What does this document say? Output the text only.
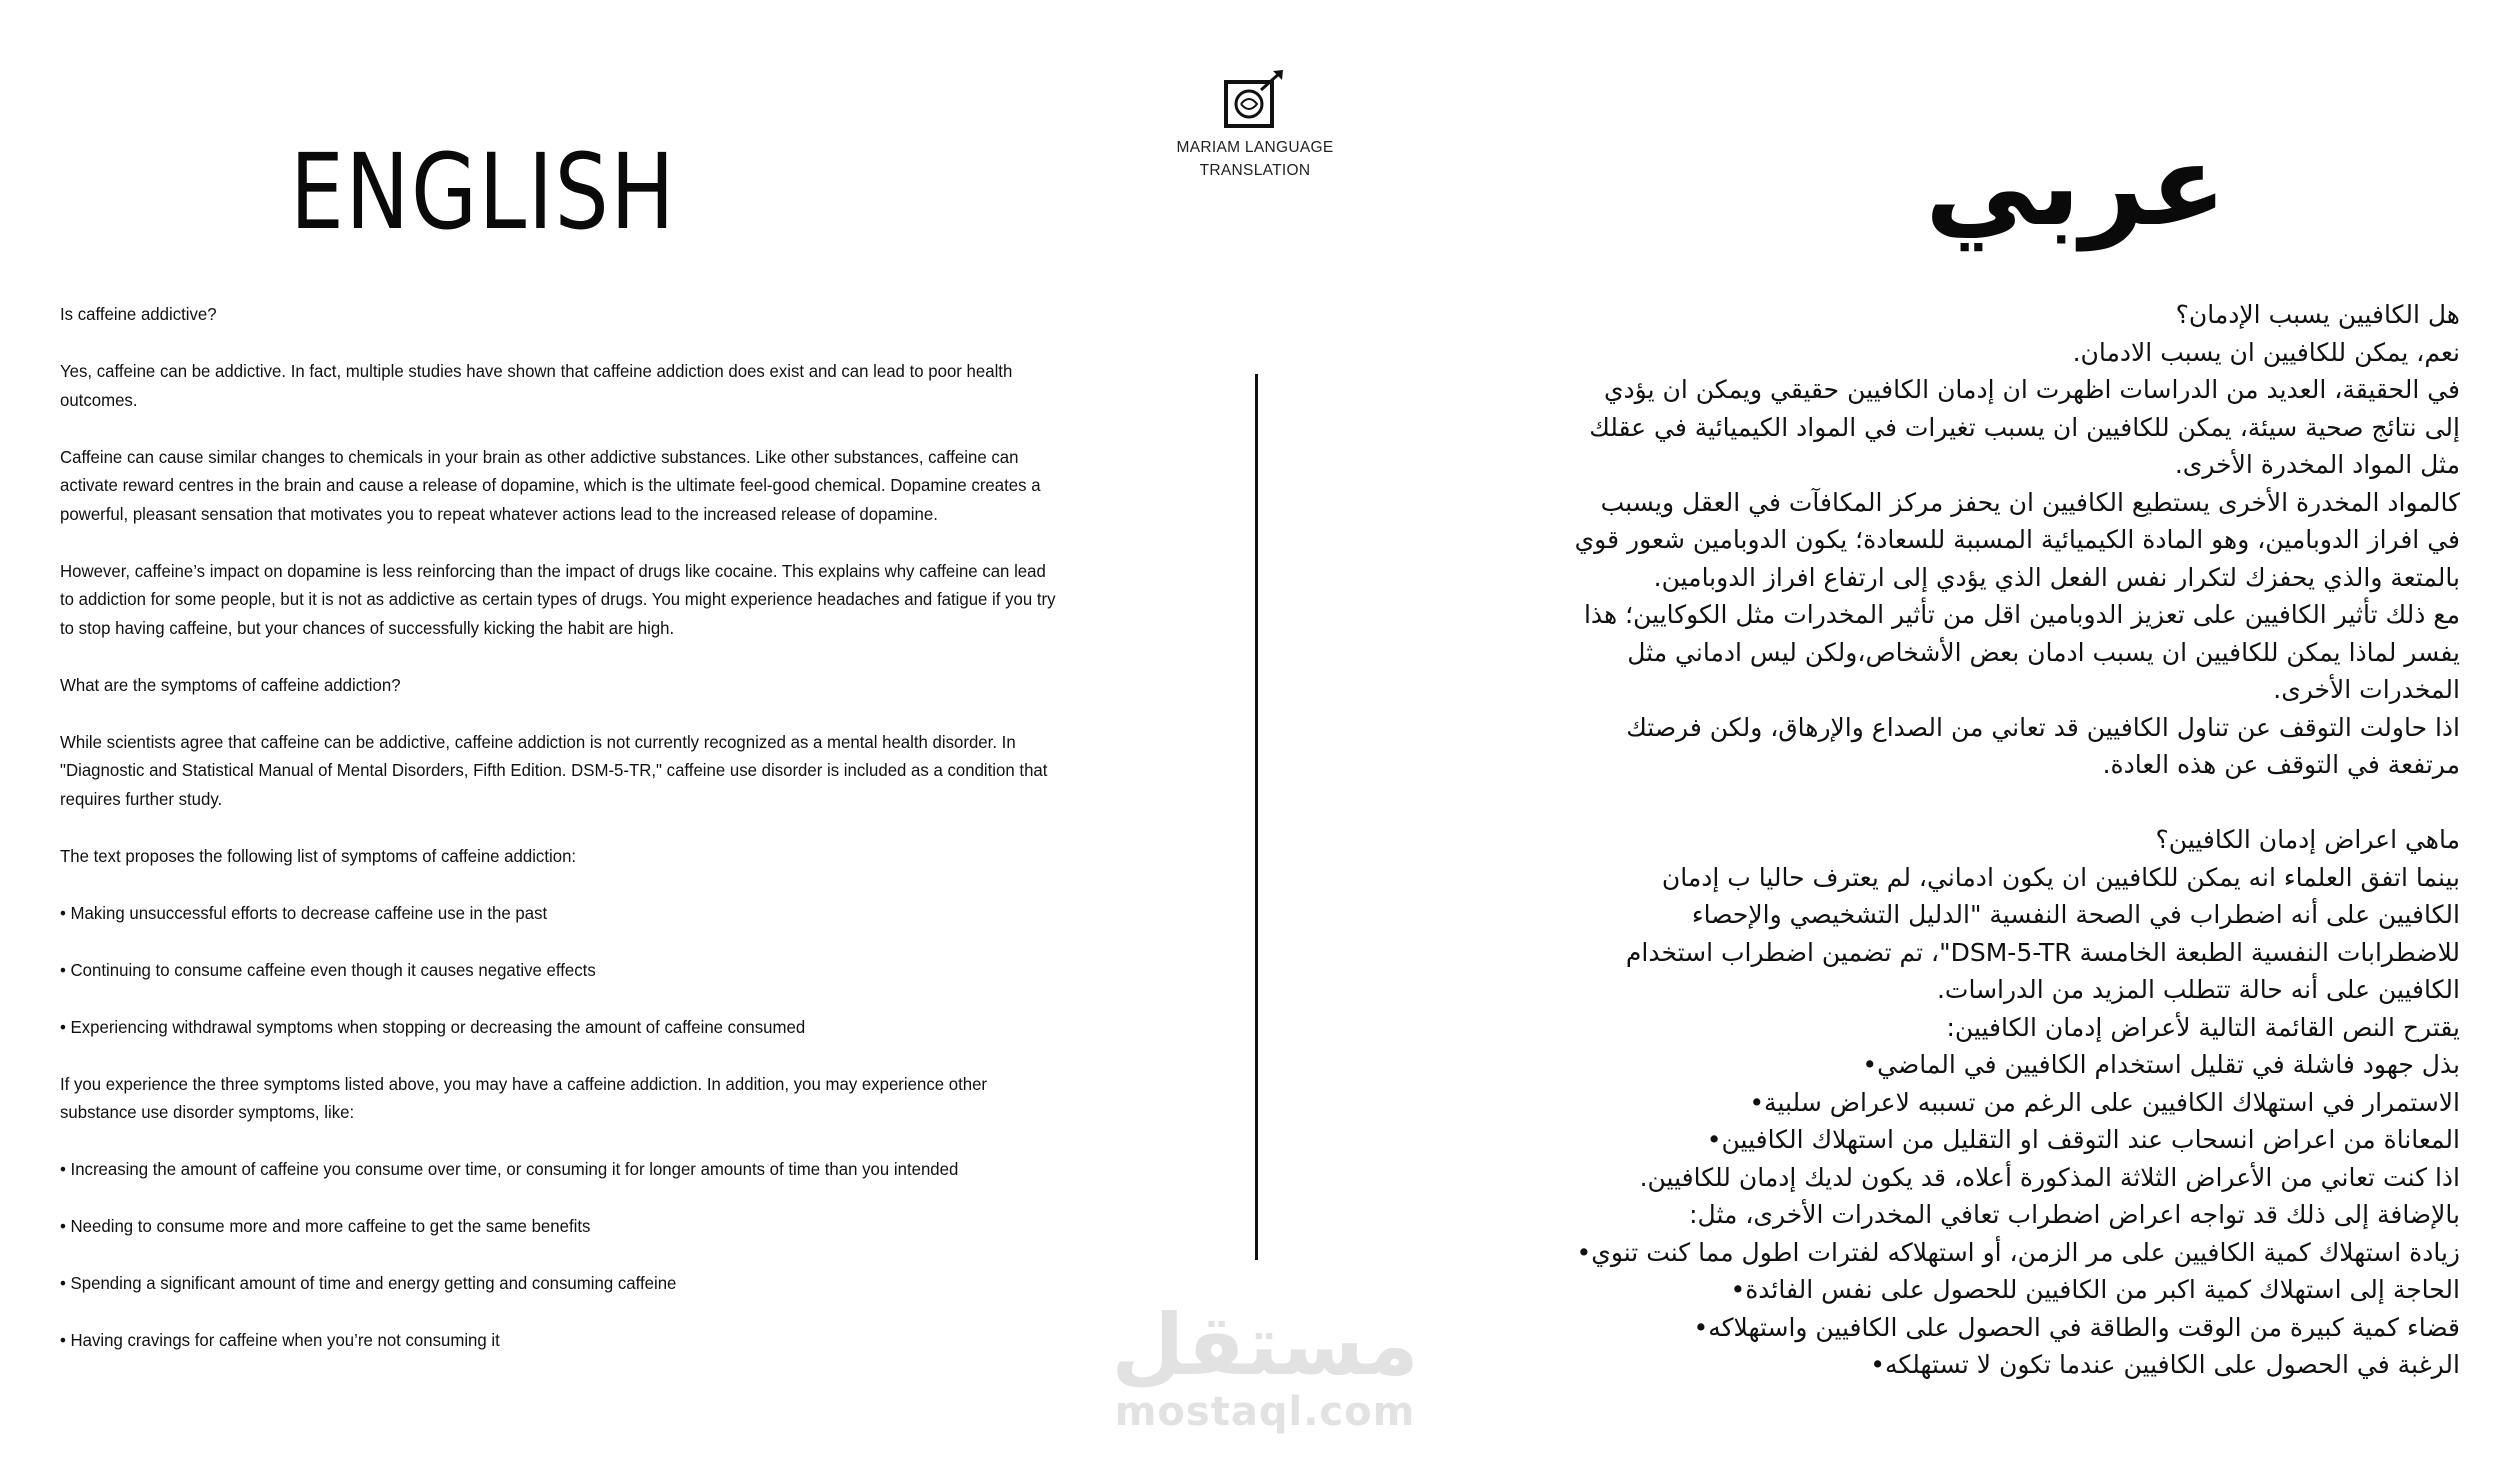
ENGLISH	MARIAM LANGUAGE
TRANSLATION	عربي

Is caffeine addictive?

Yes, caffeine can be addictive. In fact, multiple studies have shown that caffeine addiction does exist and can lead to poor health outcomes.

Caffeine can cause similar changes to chemicals in your brain as other addictive substances. Like other substances, caffeine can activate reward centres in the brain and cause a release of dopamine, which is the ultimate feel-good chemical. Dopamine creates a powerful, pleasant sensation that motivates you to repeat whatever actions lead to the increased release of dopamine.

However, caffeine’s impact on dopamine is less reinforcing than the impact of drugs like cocaine. This explains why caffeine can lead to addiction for some people, but it is not as addictive as certain types of drugs. You might experience headaches and fatigue if you try to stop having caffeine, but your chances of successfully kicking the habit are high.

What are the symptoms of caffeine addiction?

While scientists agree that caffeine can be addictive, caffeine addiction is not currently recognized as a mental health disorder. In "Diagnostic and Statistical Manual of Mental Disorders, Fifth Edition. DSM-5-TR," caffeine use disorder is included as a condition that requires further study.

The text proposes the following list of symptoms of caffeine addiction:

• Making unsuccessful efforts to decrease caffeine use in the past

• Continuing to consume caffeine even though it causes negative effects

• Experiencing withdrawal symptoms when stopping or decreasing the amount of caffeine consumed

If you experience the three symptoms listed above, you may have a caffeine addiction. In addition, you may experience other substance use disorder symptoms, like:

• Increasing the amount of caffeine you consume over time, or consuming it for longer amounts of time than you intended

• Needing to consume more and more caffeine to get the same benefits

• Spending a significant amount of time and energy getting and consuming caffeine

• Having cravings for caffeine when you’re not consuming it

هل الكافيين يسبب الإدمان؟
نعم، يمكن للكافيين ان يسبب الادمان.
في الحقيقة، العديد من الدراسات اظهرت ان إدمان الكافيين حقيقي ويمكن ان يؤدي
إلى نتائج صحية سيئة، يمكن للكافيين ان يسبب تغيرات في المواد الكيميائية في عقلك
مثل المواد المخدرة الأخرى.
كالمواد المخدرة الأخرى يستطيع الكافيين ان يحفز مركز المكافآت في العقل ويسبب
في افراز الدوبامين، وهو المادة الكيميائية المسببة للسعادة؛ يكون الدوبامين شعور قوي
بالمتعة والذي يحفزك لتكرار نفس الفعل الذي يؤدي إلى ارتفاع افراز الدوبامين.
مع ذلك تأثير الكافيين على تعزيز الدوبامين اقل من تأثير المخدرات مثل الكوكايين؛ هذا
يفسر لماذا يمكن للكافيين ان يسبب ادمان بعض الأشخاص،ولكن ليس ادماني مثل
المخدرات الأخرى.
اذا حاولت التوقف عن تناول الكافيين قد تعاني من الصداع والإرهاق، ولكن فرصتك
مرتفعة في التوقف عن هذه العادة.
ماهي اعراض إدمان الكافيين؟
بينما اتفق العلماء انه يمكن للكافيين ان يكون ادماني، لم يعترف حاليا ب إدمان
الكافيين على أنه اضطراب في الصحة النفسية "الدليل التشخيصي والإحصاء
للاضطرابات النفسية الطبعة الخامسة DSM-5-TR"، تم تضمين اضطراب استخدام
الكافيين على أنه حالة تتطلب المزيد من الدراسات.
يقترح النص القائمة التالية لأعراض إدمان الكافيين:
بذل جهود فاشلة في تقليل استخدام الكافيين في الماضي•
الاستمرار في استهلاك الكافيين على الرغم من تسببه لاعراض سلبية•
المعاناة من اعراض انسحاب عند التوقف او التقليل من استهلاك الكافيين•
اذا كنت تعاني من الأعراض الثلاثة المذكورة أعلاه، قد يكون لديك إدمان للكافيين.
بالإضافة إلى ذلك قد تواجه اعراض اضطراب تعافي المخدرات الأخرى، مثل:
زيادة استهلاك كمية الكافيين على مر الزمن، أو استهلاكه لفترات اطول مما كنت تنوي•
الحاجة إلى استهلاك كمية اكبر من الكافيين للحصول على نفس الفائدة•
قضاء كمية كبيرة من الوقت والطاقة في الحصول على الكافيين واستهلاكه•
الرغبة في الحصول على الكافيين عندما تكون لا تستهلكه•
مستقل
mostaql.com
